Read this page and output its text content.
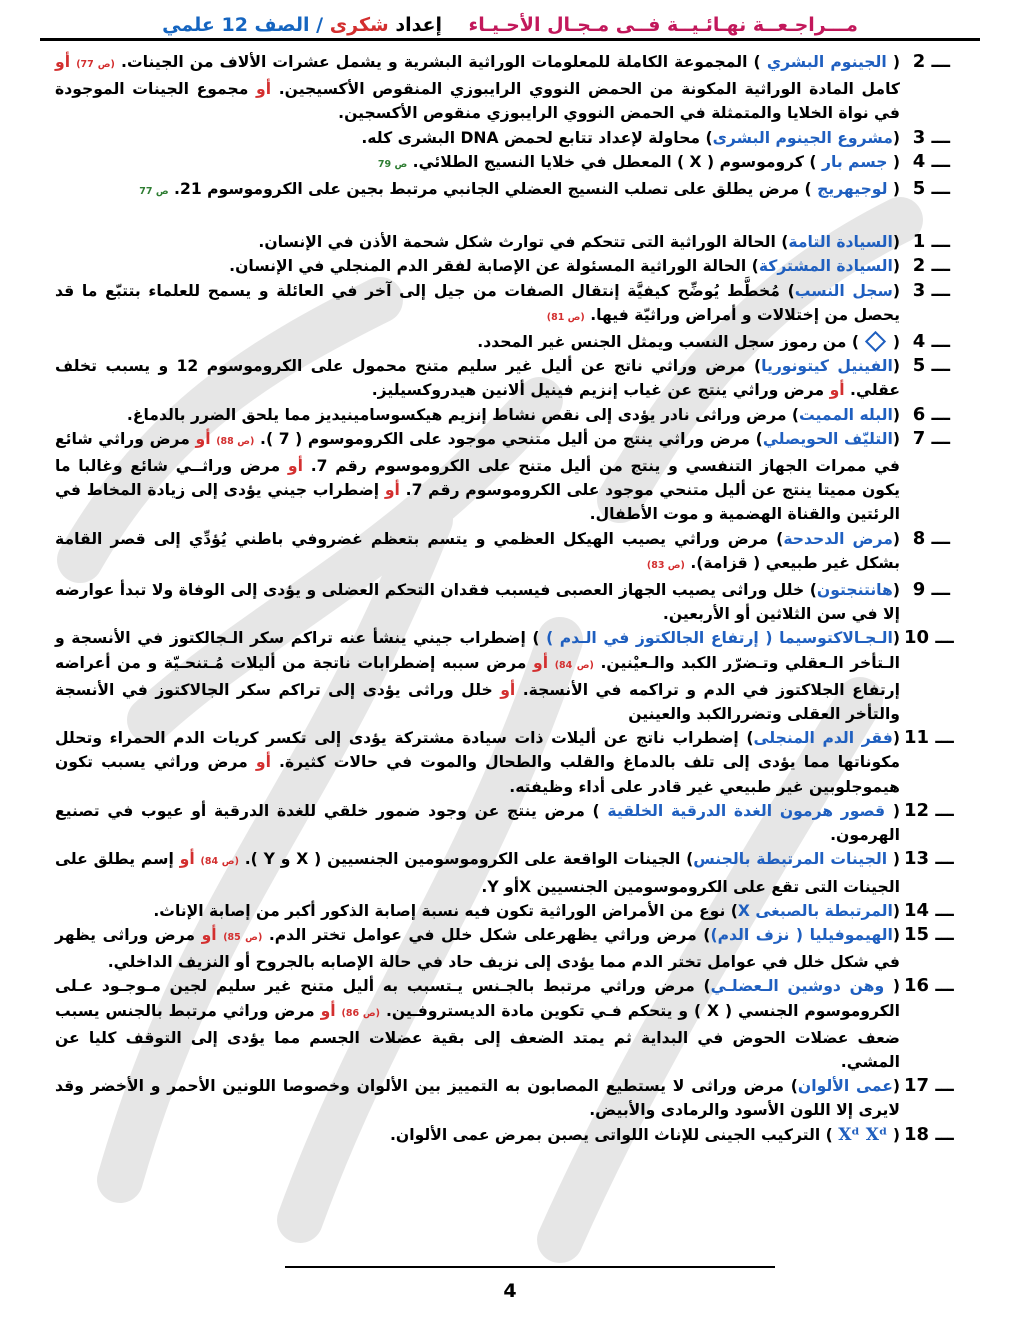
مـــراجـعــة نهـائـيــة فــى مـجـال الأحـيـاء    إعداد شكرى / الصف 12 علمي
2 ـــ
( الجينوم البشري ) المجموعة الكاملة للمعلومات الوراثية البشرية و يشمل عشرات الألاف من الجينات. (ص 77) أو كامل المادة الوراثية المكونة من الحمض النووي الرايبوزي المنقوص الأكسيجين. أو مجموع الجينات الموجودة في نواة الخلايا والمتمثلة في الحمض النووي الرايبوزي منقوص الأكسجين.
3 ـــ
(مشروع الجينوم البشرى) محاولة لإعداد تتابع لحمض DNA البشرى كله.
4 ـــ
( جسم بار ) كروموسوم ( X ) المعطل في خلايا النسيج الطلائي. ص 79
5 ـــ
( لوجيهريج ) مرض يطلق على تصلب النسيج العضلي الجانبي مرتبط بجين على الكروموسوم 21. ص 77
1 ـــ
(السيادة التامة) الحالة الوراثية التى تتحكم في توارث شكل شحمة الأذن في الإنسان.
2 ـــ
(السيادة المشتركة) الحالة الوراثية المسئولة عن الإصابة لفقر الدم المنجلي في الإنسان.
3 ـــ
(سجل النسب) مُخطَّط يُوضِّح كيفيَّة إنتقال الصفات من جيل إلى آخر في العائلة و يسمح للعلماء بتتبّع ما قد يحصل من إختلالات و أمراض وراثيّة فيها. (ص 81)
4 ـــ
(  ) من رموز سجل النسب ويمثل الجنس غير المحدد.
5 ـــ
(الفينيل كيتونوريا) مرض وراثي ناتج عن أليل غير سليم متنح محمول على الكروموسوم 12 و يسبب تخلف عقلي. أو مرض وراثي ينتج عن غياب إنزيم فينيل ألانين هيدروكسيليز.
6 ـــ
(البله المميت) مرض وراثى نادر يؤدى إلى نقص نشاط إنزيم هيكسوسامينيديز مما يلحق الضرر بالدماغ.
7 ـــ
(التليّف الحويصلي) مرض وراثي ينتج من أليل متنحي موجود على الكروموسوم ( 7 ). (ص 88) أو مرض وراثي شائع في ممرات الجهاز التنفسي و ينتج من أليل متنح على الكروموسوم رقم 7. أو مرض وراثــي شائع وغالبا ما يكون مميتا ينتج عن أليل متنحي موجود على الكروموسوم رقم 7. أو إضطراب جيني يؤدى إلى زيادة المخاط في الرئتين والقناة الهضمية و موت الأطفال.
8 ـــ
(مرض الدحدحة) مرض وراثي يصيب الهيكل العظمي و يتسم بتعظم غضروفي باطني يُؤدِّي إلى قصر القامة بشكل غير طبيعي ( قزامة). (ص 83)
9 ـــ
(هانتنجتون) خلل وراثى يصيب الجهاز العصبى فيسبب فقدان التحكم العضلى و يؤدى إلى الوفاة ولا تبدأ عوارضه إلا في سن الثلاثين أو الأربعين.
10 ـــ
(الـجـالاكتوسيما ( إرتفاع الجالكتوز في الـدم ) ) إضطراب جيني ينشأ عنه تراكم سكر الـجالكتوز في الأنسجة و الـتأخر الـعقلي وتـضرّر الكبد والـعيْنين. (ص 84) أو مرض سببه إضطرابات ناتجة من أليلات مُـتنحـيّة و من أعراضه إرتفاع الجلاكتوز في الدم و تراكمه في الأنسجة. أو خلل وراثى يؤدى إلى تراكم سكر الجالاكتوز في الأنسجة والتأخر العقلى وتضررالكبد والعينين
11 ـــ
(فقر الدم المنجلى) إضطراب ناتج عن أليلات ذات سيادة مشتركة يؤدى إلى تكسر كريات الدم الحمراء وتحلل مكوناتها مما يؤدى إلى تلف بالدماغ والقلب والطحال والموت في حالات كثيرة. أو مرض وراثي يسبب تكون هيموجلوبين غير طبيعي غير قادر على أداء وظيفته.
12 ـــ
( قصور هرمون الغدة الدرقية الخلقية ) مرض ينتج عن وجود ضمور خلقي للغدة الدرقية أو عيوب في تصنيع الهرمون.
13 ـــ
( الجينات المرتبطة بالجنس) الجينات الواقعة على الكروموسومين الجنسيين ( X و Y ). (ص 84) أو إسم يطلق على الجينات التى تقع على الكروموسومين الجنسيين Xأو Y.
14 ـــ
(المرتبطة بالصبغى X) نوع من الأمراض الوراثية تكون فيه نسبة إصابة الذكور أكبر من إصابة الإناث.
15 ـــ
(الهيموفيليا ( نزف الدم)) مرض وراثي يظهرعلى شكل خلل في عوامل تختر الدم. (ص 85) أو مرض وراثى يظهر في شكل خلل في عوامل تختر الدم مما يؤدى إلى نزيف حاد في حالة الإصابه بالجروح أو النزيف الداخلي.
16 ـــ
( وهن دوشين الـعضلـي) مرض وراثي مرتبط بالجـنس يـتسبب به أليل متنح غير سليم لجين مـوجـود عـلى الكروموسوم الجنسي ( X ) و يتحكم فـي تكوين مادة الديستروفـين. (ص 86) أو مرض وراثي مرتبط بالجنس يسبب ضعف عضلات الحوض في البداية ثم يمتد الضعف إلى بقية عضلات الجسم مما يؤدى إلى التوقف كليا عن المشي.
17 ـــ
(عمى الألوان) مرض وراثى لا يستطيع المصابون به التمييز بين الألوان وخصوصا اللونين الأحمر و الأخضر وقد لايرى إلا اللون الأسود والرمادى والأبيض.
18 ـــ
( Xᵈ Xᵈ ) التركيب الجينى للإناث اللواتى يصبن بمرض عمى الألوان.
4
